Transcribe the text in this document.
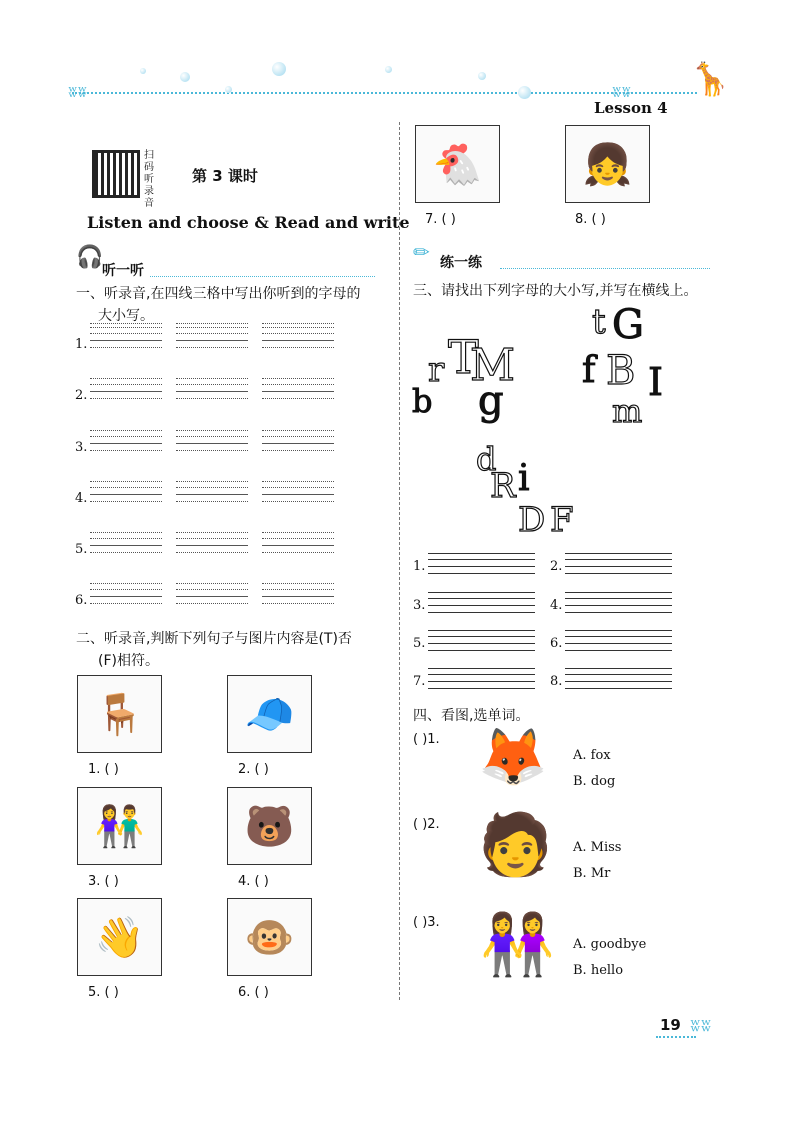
ʬʬ	ʬʬ 🦒
Lesson 4
扫码听录音
第 3 课时
Listen and choose & Read and write
🎧
听一听
一、听录音,在四线三格中写出你听到的字母的
大小写。
1.
2.
3.
4.
5.
6.
二、听录音,判断下列句子与图片内容是(T)否
(F)相符。
🪑
1. ( )
🧢
2. ( )
👫
3. ( )
🐻
4. ( )
👋
5. ( )
🐵
6. ( )
🐔
7. ( )
👧
8. ( )
✏ 练一练
三、请找出下列字母的大小写,并写在横线上。
T
r M
b g
t G
f B I
m
d
R i
D F
1.	2.
3.	4.
5.	6.
7.	8.
四、看图,选单词。
( )1. 🦊 A. fox
B. dog
( )2. 🧑 A. Miss
B. Mr
( )3. 👭 A. goodbye
B. hello
19 ʬʬ
